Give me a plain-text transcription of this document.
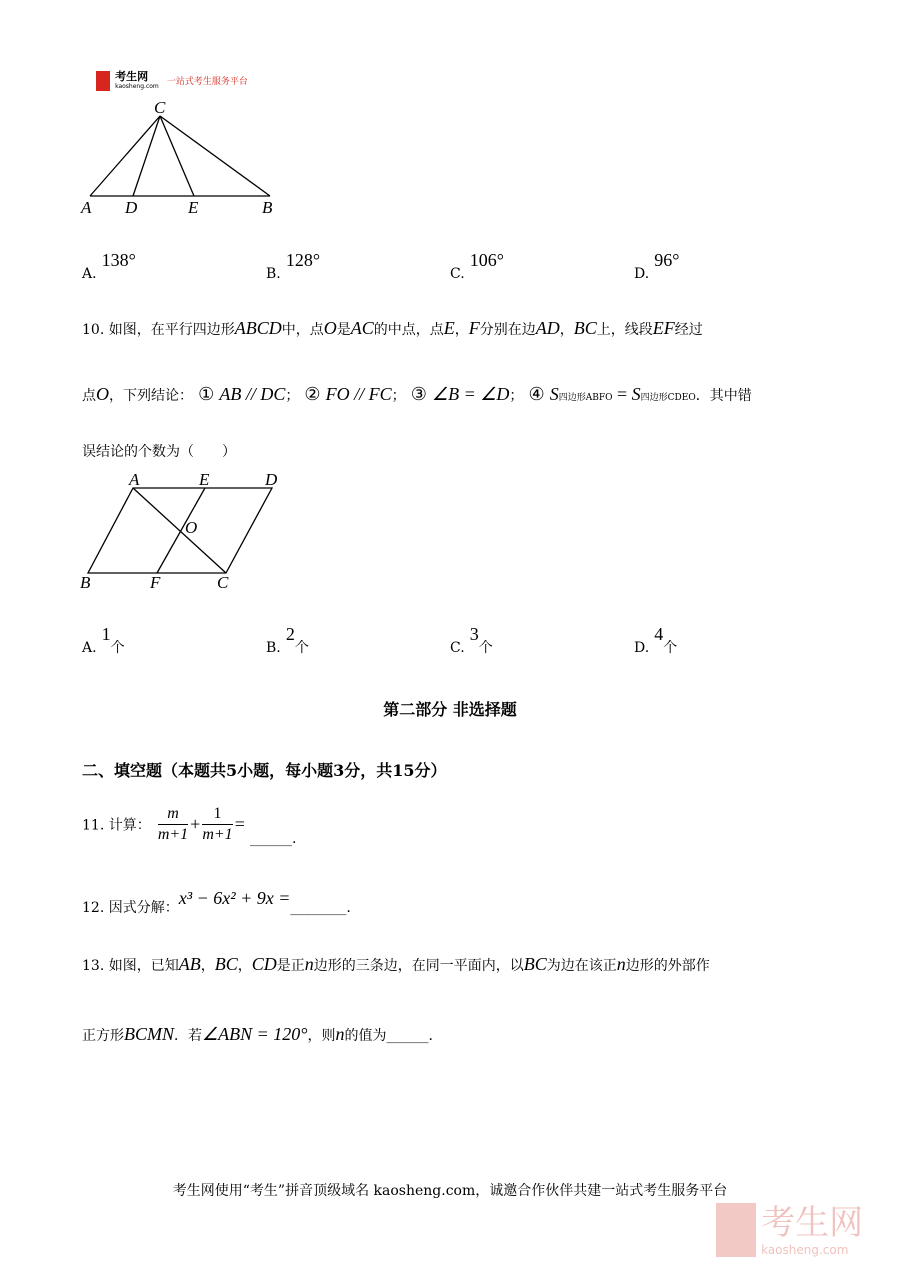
考生网
kaosheng.com 一站式考生服务平台
C
A D	E	B
A. 138°
B. 128°
C. 106°
D. 96°
10. 如图，在平行四边形ABCD中，点O是AC的中点，点E，F分别在边AD，BC上，线段EF经过
点O，下列结论： ① AB // DC； ② FO // FC； ③ ∠B = ∠D； ④ S四边形ABFO = S四边形CDEO．其中错
误结论的个数为（　　）
A	E	D
O
B	F	C
A. 1个	B. 2个	C. 3个	D. 4个
第二部分 非选择题
二、填空题（本题共5小题，每小题3分，共15分）
11. 计算： $\frac{m}{m+1} + \frac{1}{m+1}$ = ______.
12. 因式分解：x³ − 6x² + 9x =________.
13. 如图，已知AB，BC，CD是正n边形的三条边，在同一平面内，以BC为边在该正n边形的外部作
正方形BCMN．若∠ABN = 120°，则n的值为______.
考生网使用“考生”拼音顶级域名 kaosheng.com，诚邀合作伙伴共建一站式考生服务平台

考生网
kaosheng.com
